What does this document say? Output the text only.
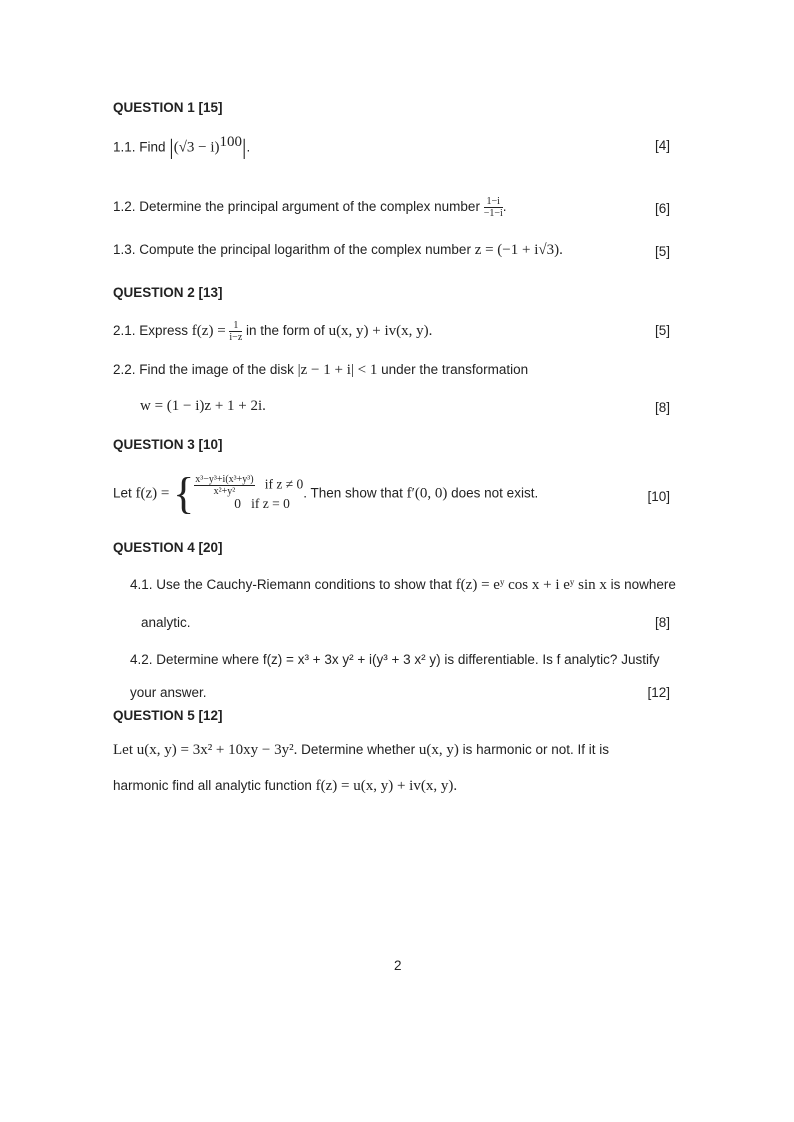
QUESTION 1 [15]
1.1. Find $|(√3 - i)^{100}|$.	[4]
1.2. Determine the principal argument of the complex number $\frac{1-i}{-1-i}$ .	[6]
1.3. Compute the principal logarithm of the complex number z = (−1 + i√3).	[5]
QUESTION 2 [13]
2.1. Express $f(z) = \frac{1}{i-z}$ in the form of u(x, y) + iv(x, y).	[5]
2.2. Find the image of the disk |z − 1 + i| < 1 under the transformation
w = (1 − i)z + 1 + 2i.	[8]
QUESTION 3 [10]
Let f(z) = { $\frac{\text{x³−y³+i(x³+y³)}}{\text{x²+y²}}$ if z ≠ 0
0 if z = 0
. Then show that f′(0, 0) does not exist.	[10]
QUESTION 4 [20]
4.1. Use the Cauchy-Riemann conditions to show that f(z) = eʸ cos x + i eʸ sin x is nowhere
analytic.	[8]
4.2. Determine where f(z) = x³ + 3x y² + i(y³ + 3 x² y) is differentiable. Is f analytic? Justify
your answer.	[12]
QUESTION 5 [12]
Let u(x, y) = 3x² + 10xy − 3y². Determine whether u(x, y) is harmonic or not. If it is
harmonic find all analytic function f(z) = u(x, y) + iv(x, y).
2
